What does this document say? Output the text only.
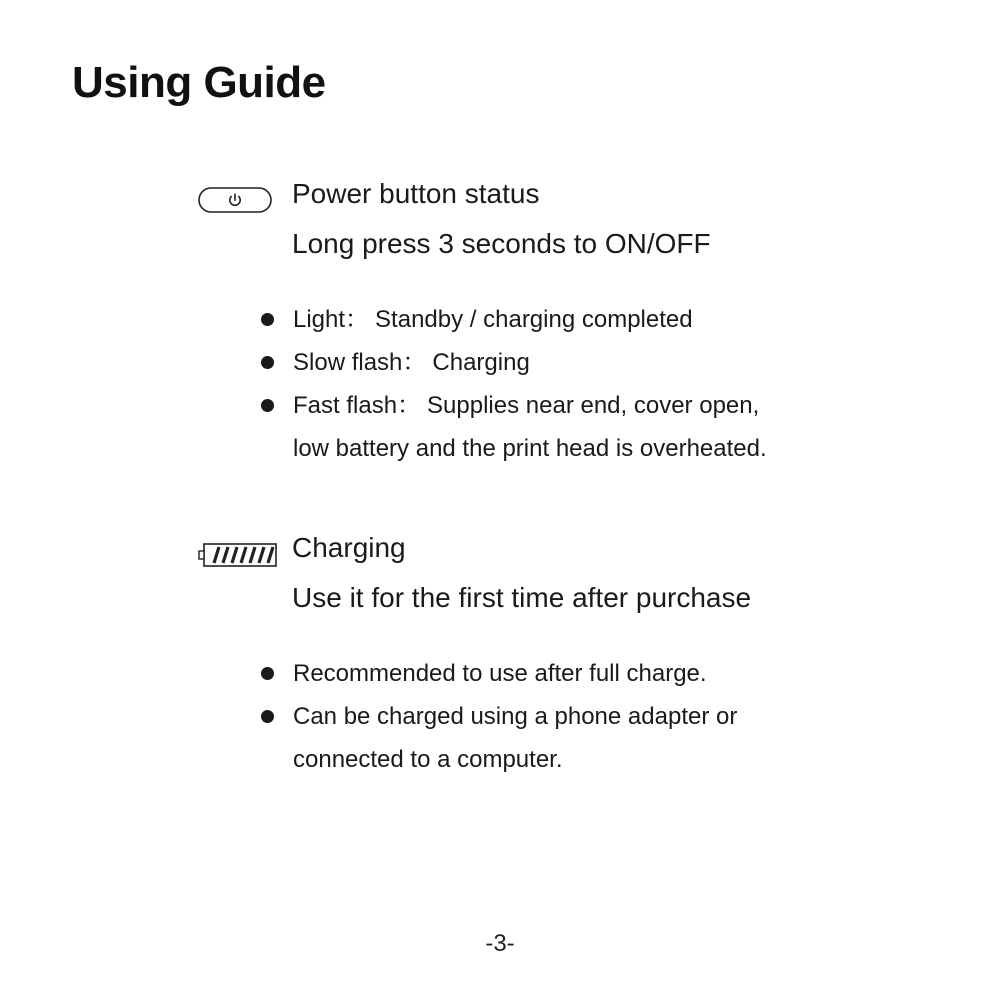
Using Guide
Power button status
Long press 3 seconds to ON/OFF
Light： Standby / charging completed
Slow flash： Charging
Fast flash： Supplies near end, cover open,
low battery and the print head is overheated.
Charging
Use it for the first time after purchase
Recommended to use after full charge.
Can be charged using a phone adapter or
connected to a computer.
-3-
